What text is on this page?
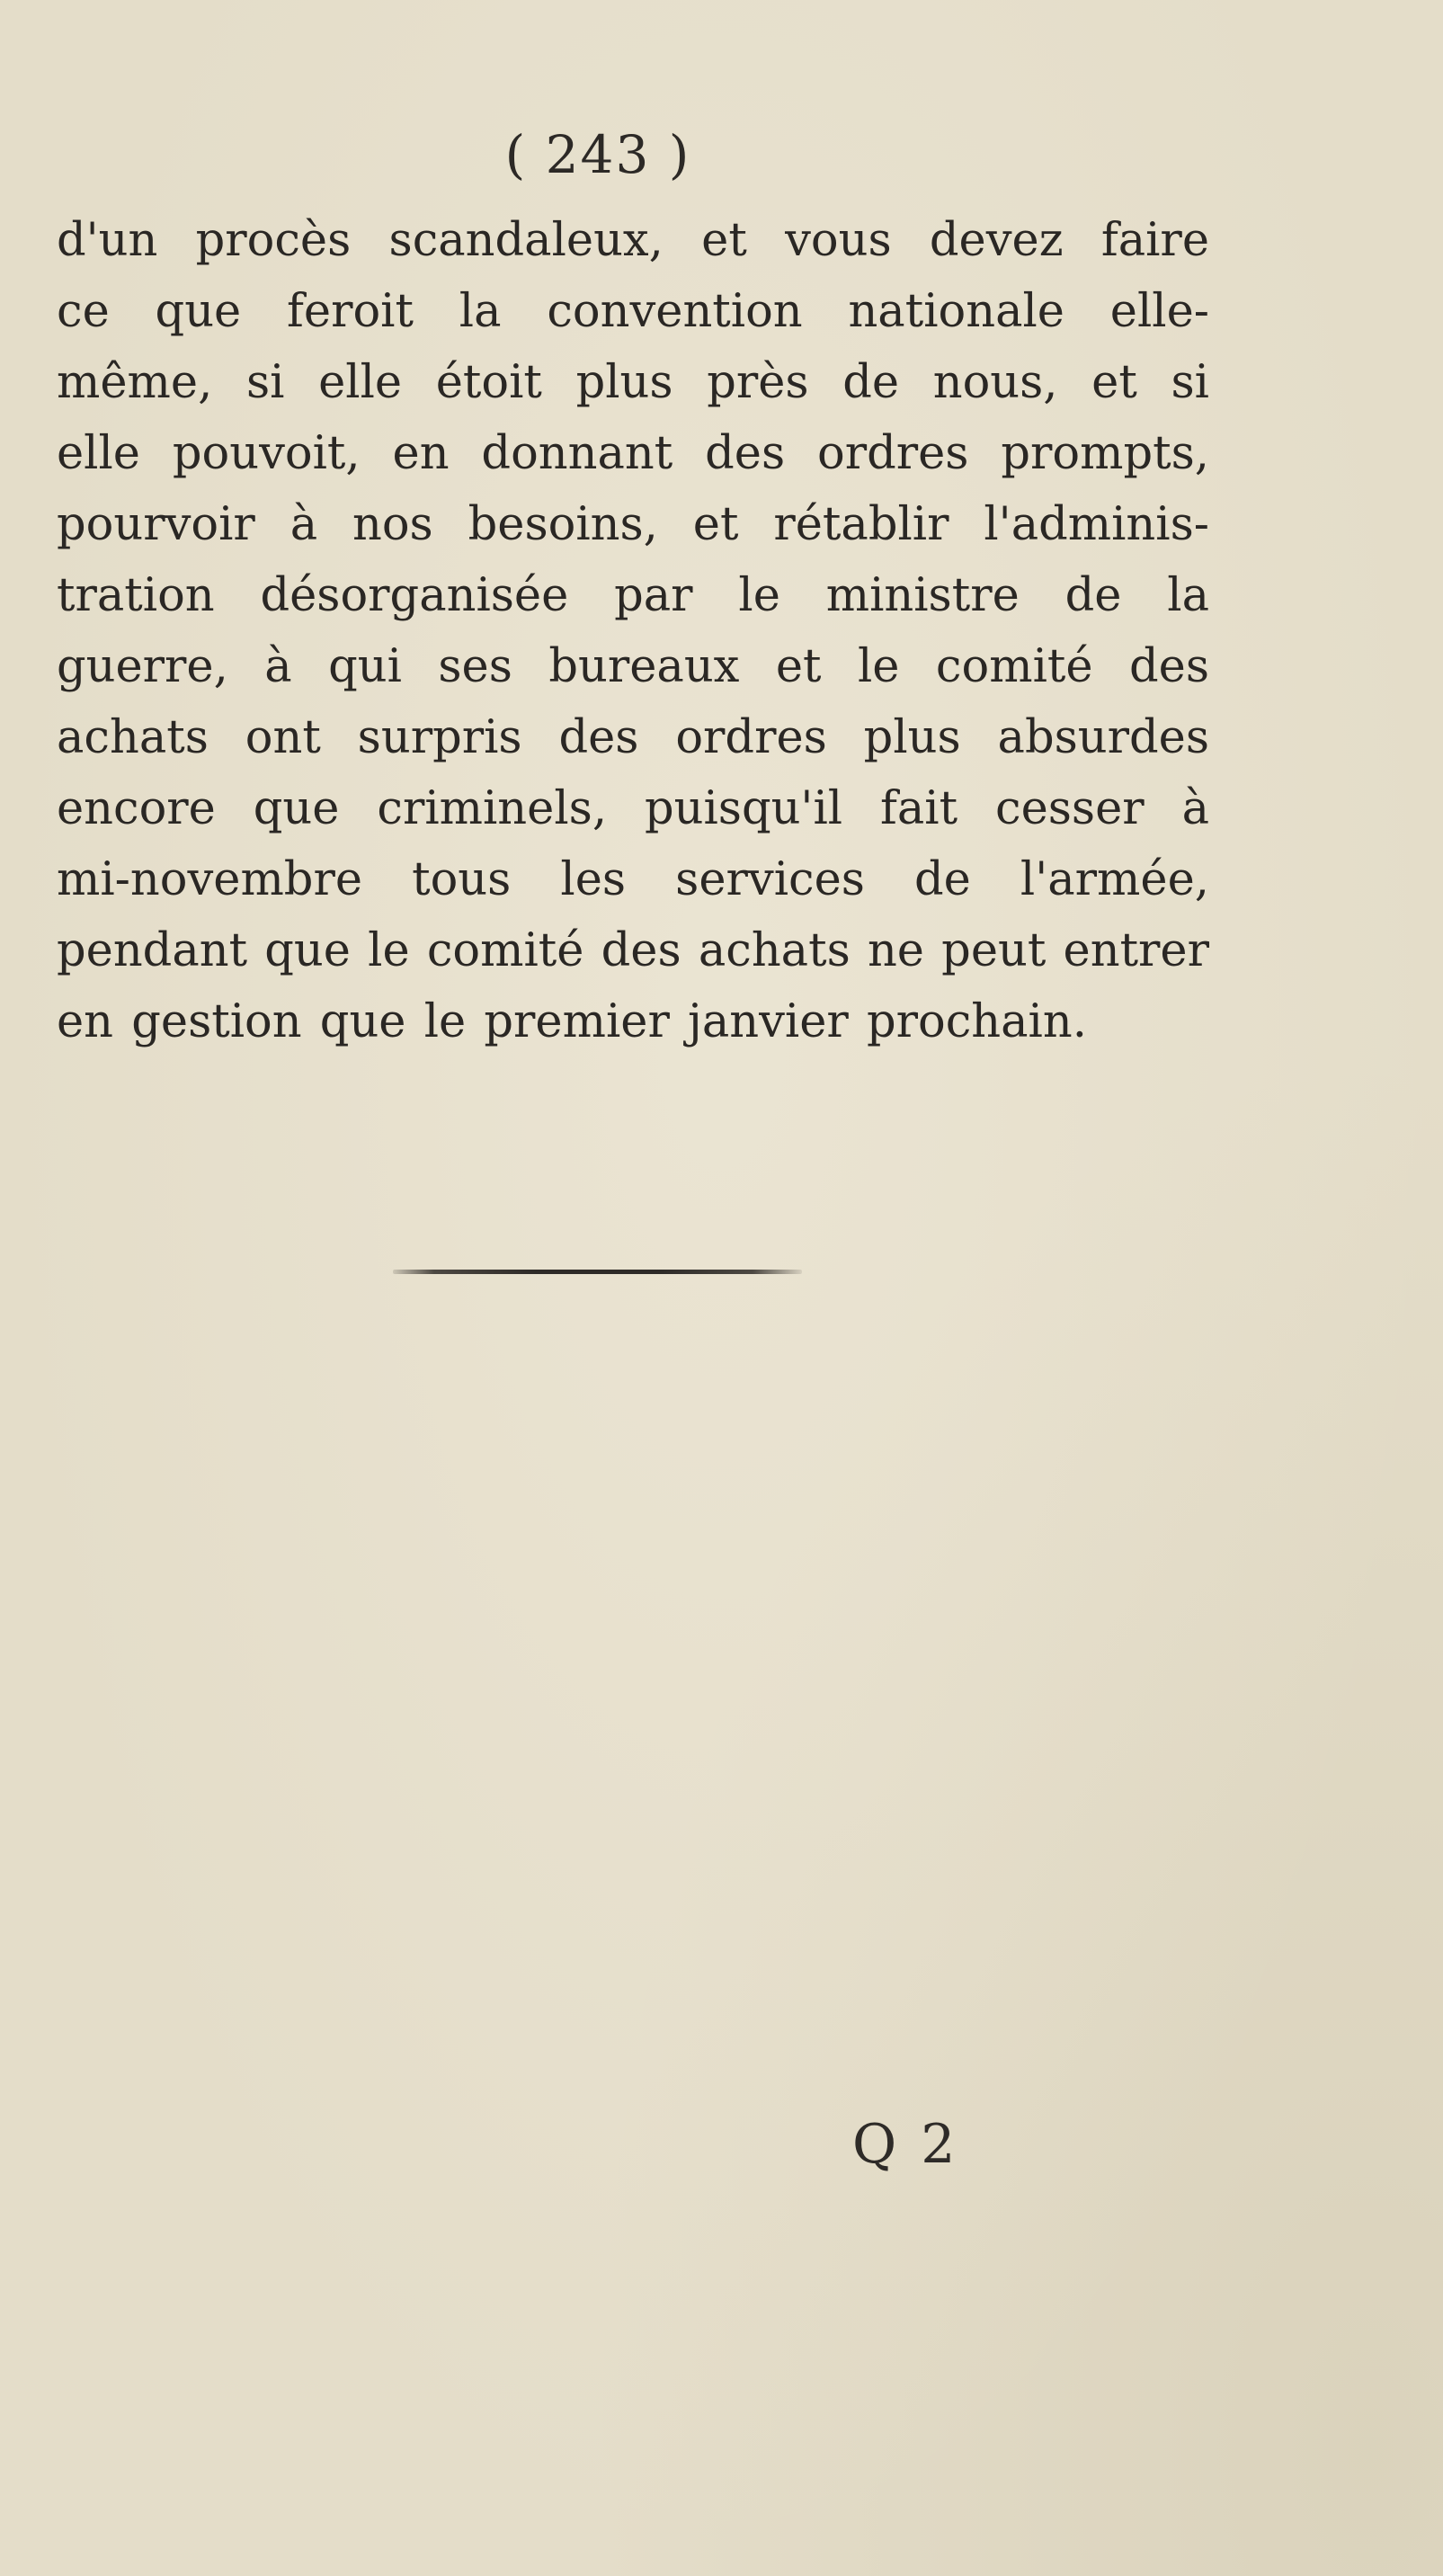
( 243 )
d'un procès scandaleux, et vous devez faire
ce que feroit la convention nationale elle-
même, si elle étoit plus près de nous, et si
elle pouvoit, en donnant des ordres prompts,
pourvoir à nos besoins, et rétablir l'adminis-
tration désorganisée par le ministre de la
guerre, à qui ses bureaux et le comité des
achats ont surpris des ordres plus absurdes
encore que criminels, puisqu'il fait cesser à
mi-novembre tous les services de l'armée,
pendant que le comité des achats ne peut entrer
en gestion que le premier janvier prochain.
Q 2
